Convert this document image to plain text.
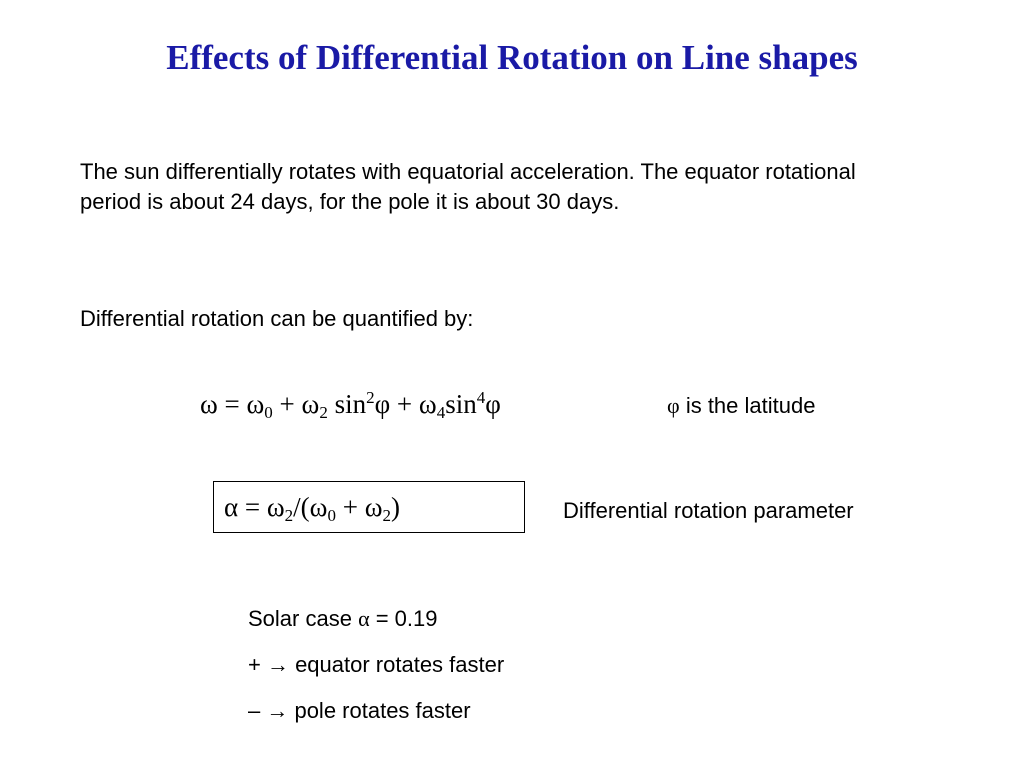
Effects of Differential Rotation on Line shapes
The sun differentially rotates with equatorial acceleration. The equator rotational period is about 24 days, for the pole it is about 30 days.
Differential rotation can be quantified by:
$\omega = \omega_0 + \omega_2$ $\sin^2\varphi + \omega_4\sin^4\varphi$	φ is the latitude
$\alpha = \omega_2/(\omega_0 + \omega_2)$	Differential rotation parameter
Solar case α = 0.19
+ → equator rotates faster
– → pole rotates faster
